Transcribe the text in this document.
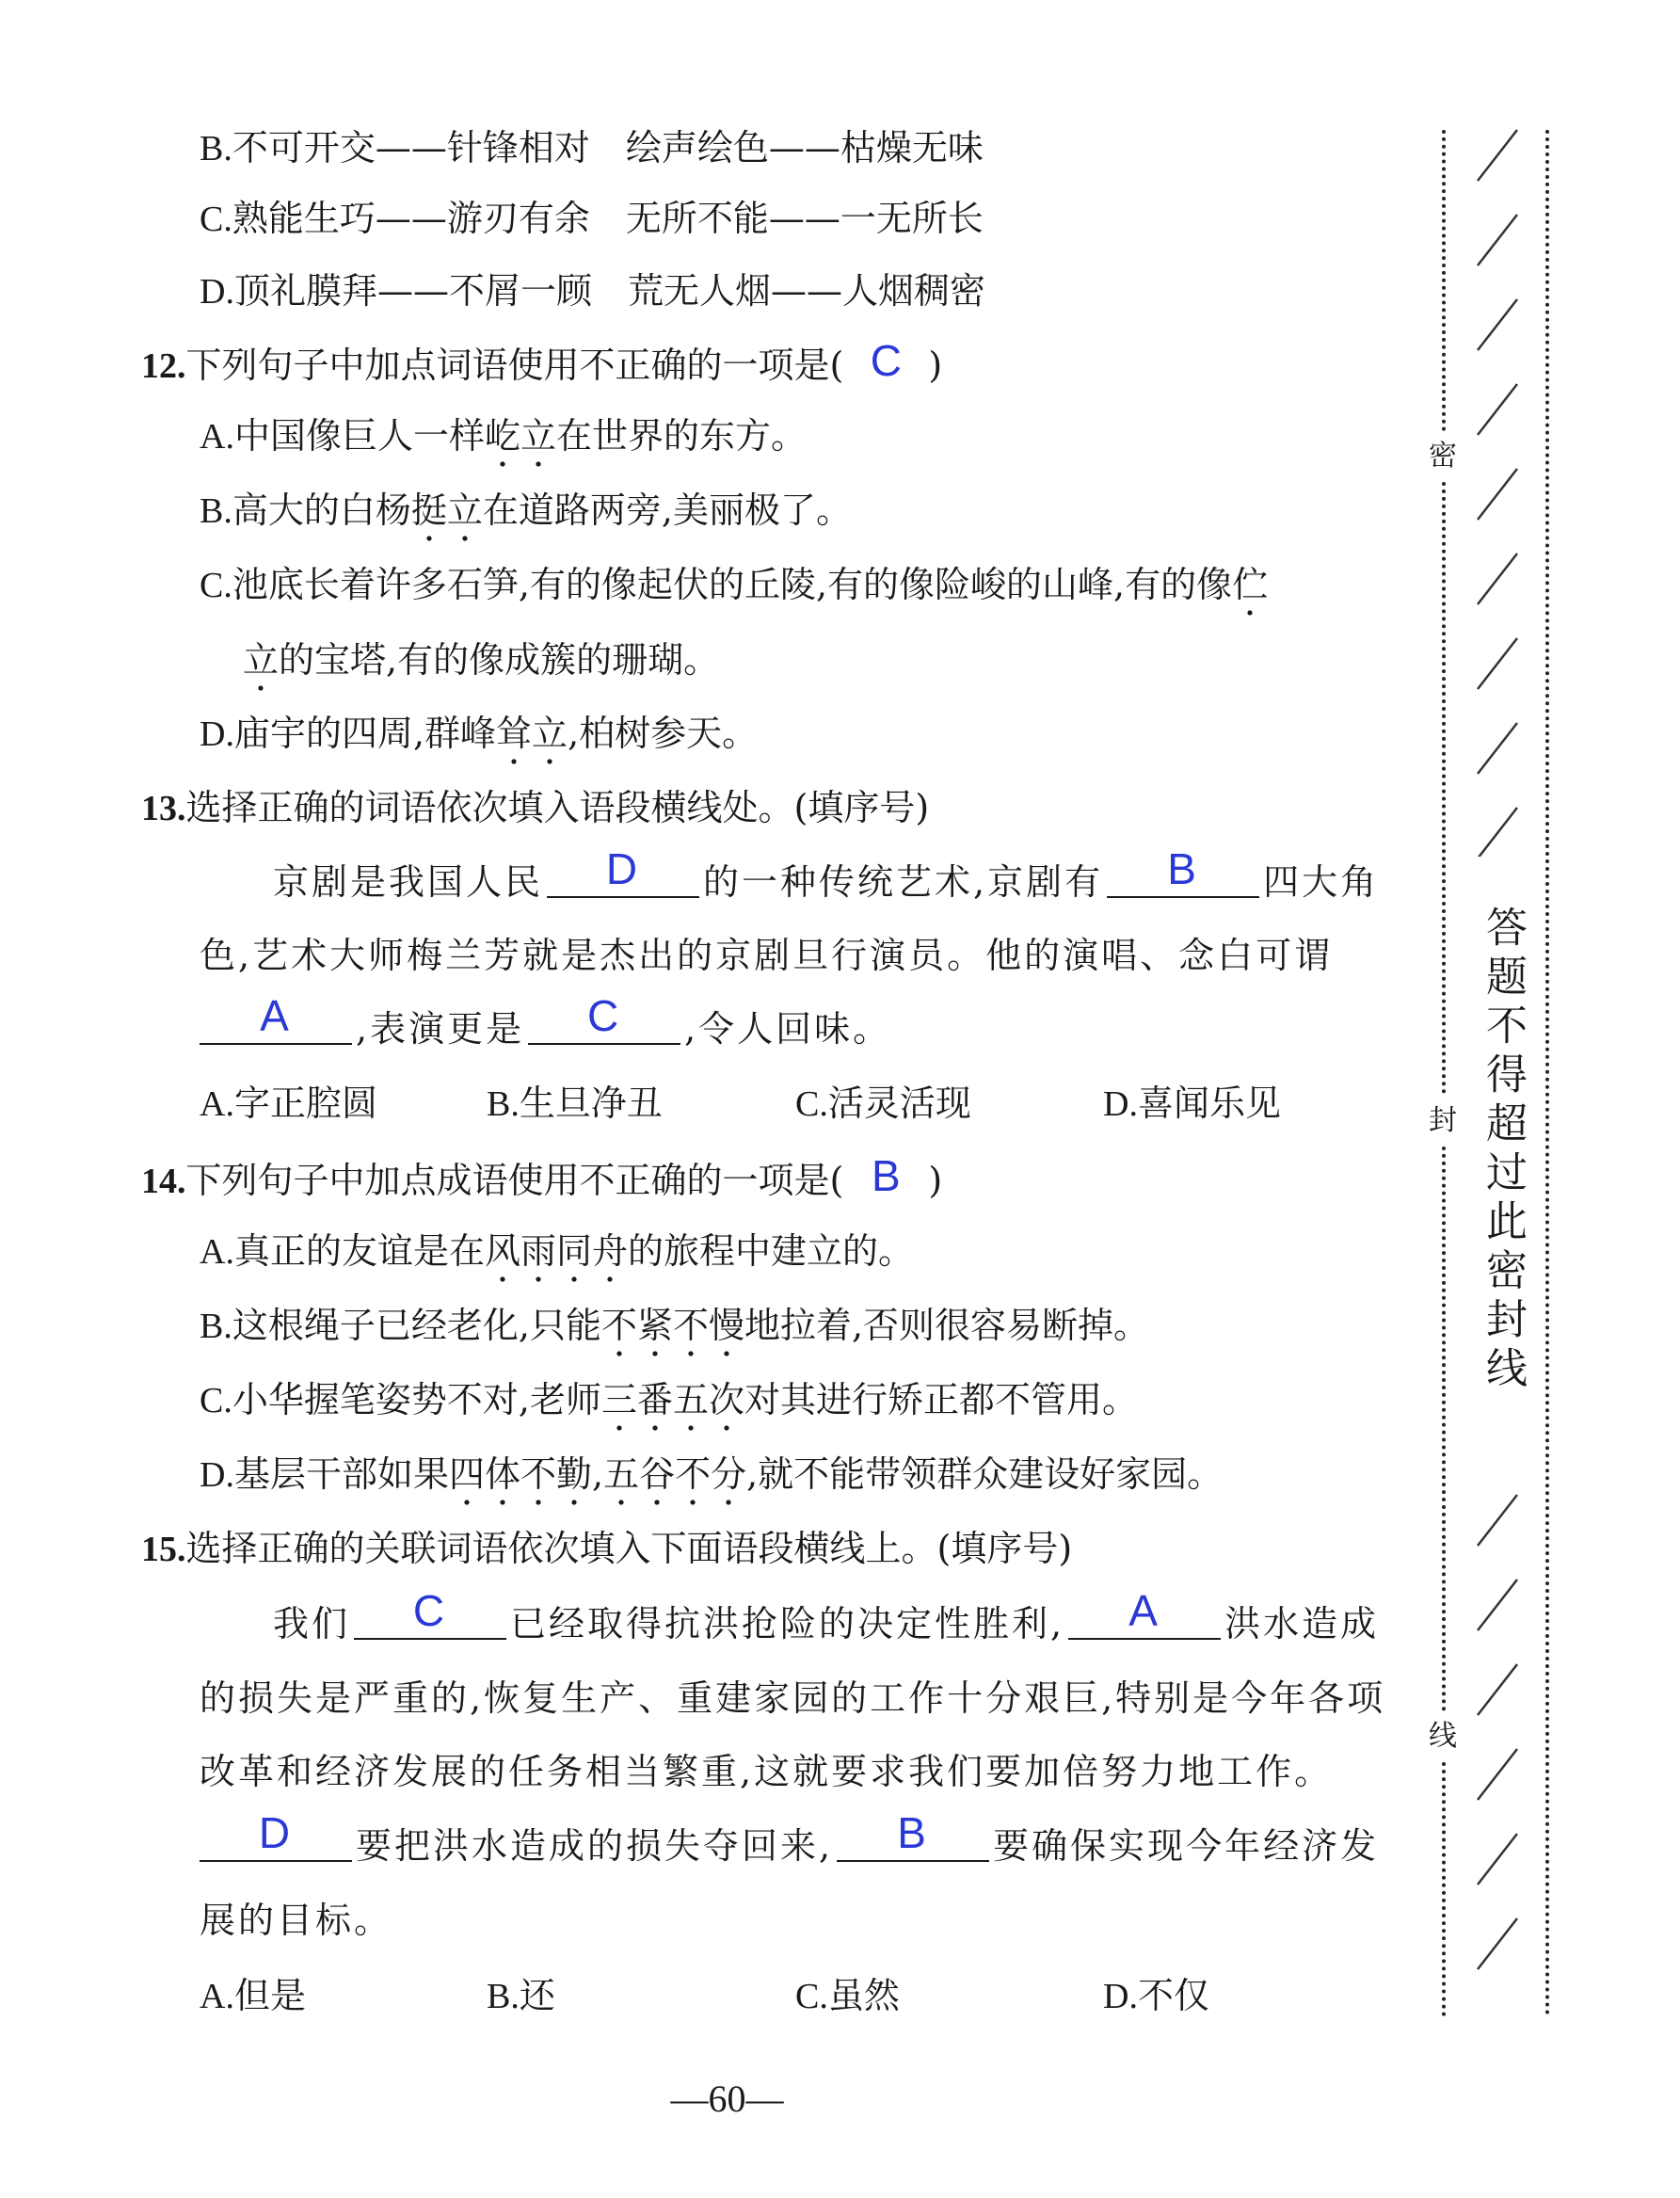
B.不可开交——针锋相对　绘声绘色——枯燥无味
C.熟能生巧——游刃有余　无所不能——一无所长
D.顶礼膜拜——不屑一顾　荒无人烟——人烟稠密
12.下列句子中加点词语使用不正确的一项是( C )
A.中国像巨人一样屹立在世界的东方。
B.高大的白杨挺立在道路两旁,美丽极了。
C.池底长着许多石笋,有的像起伏的丘陵,有的像险峻的山峰,有的像伫
立的宝塔,有的像成簇的珊瑚。
D.庙宇的四周,群峰耸立,柏树参天。
13.选择正确的词语依次填入语段横线处。(填序号)
京剧是我国人民	D	的一种传统艺术,京剧有	B	四大角
色,艺术大师梅兰芳就是杰出的京剧旦行演员。他的演唱、念白可谓
A	,表演更是	C	,令人回味。
A.字正腔圆	B.生旦净丑	C.活灵活现	D.喜闻乐见
14.下列句子中加点成语使用不正确的一项是( B )
A.真正的友谊是在风雨同舟的旅程中建立的。
B.这根绳子已经老化,只能不紧不慢地拉着,否则很容易断掉。
C.小华握笔姿势不对,老师三番五次对其进行矫正都不管用。
D.基层干部如果四体不勤,五谷不分,就不能带领群众建设好家园。
15.选择正确的关联词语依次填入下面语段横线上。(填序号)
我们	C	已经取得抗洪抢险的决定性胜利,	A	洪水造成
的损失是严重的,恢复生产、重建家园的工作十分艰巨,特别是今年各项
改革和经济发展的任务相当繁重,这就要求我们要加倍努力地工作。
D	要把洪水造成的损失夺回来,	B	要确保实现今年经济发
展的目标。
A.但是	B.还	C.虽然	D.不仅
—60—
密
封
线
答题不得超过此密封线
